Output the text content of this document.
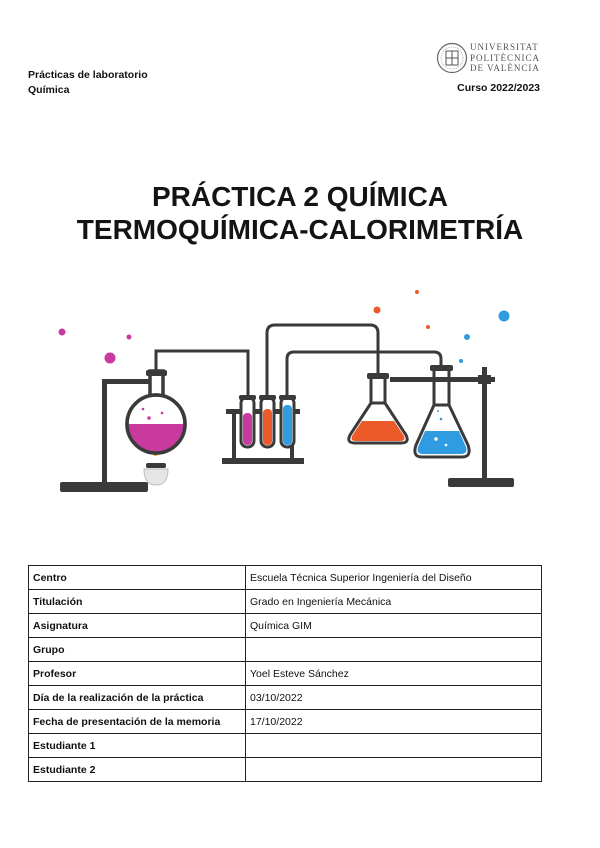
Prácticas de laboratorio
Química
UNIVERSITAT
POLITÈCNICA
DE VALÈNCIA
Curso 2022/2023
PRÁCTICA 2 QUÍMICA
TERMOQUÍMICA-CALORIMETRÍA
Centro	Escuela Técnica Superior Ingeniería del Diseño
Titulación	Grado en Ingeniería Mecánica
Asignatura	Química GIM
Grupo	
Profesor	Yoel Esteve Sánchez
Día de la realización de la práctica	03/10/2022
Fecha de presentación de la memoria	17/10/2022
Estudiante 1	
Estudiante 2	
